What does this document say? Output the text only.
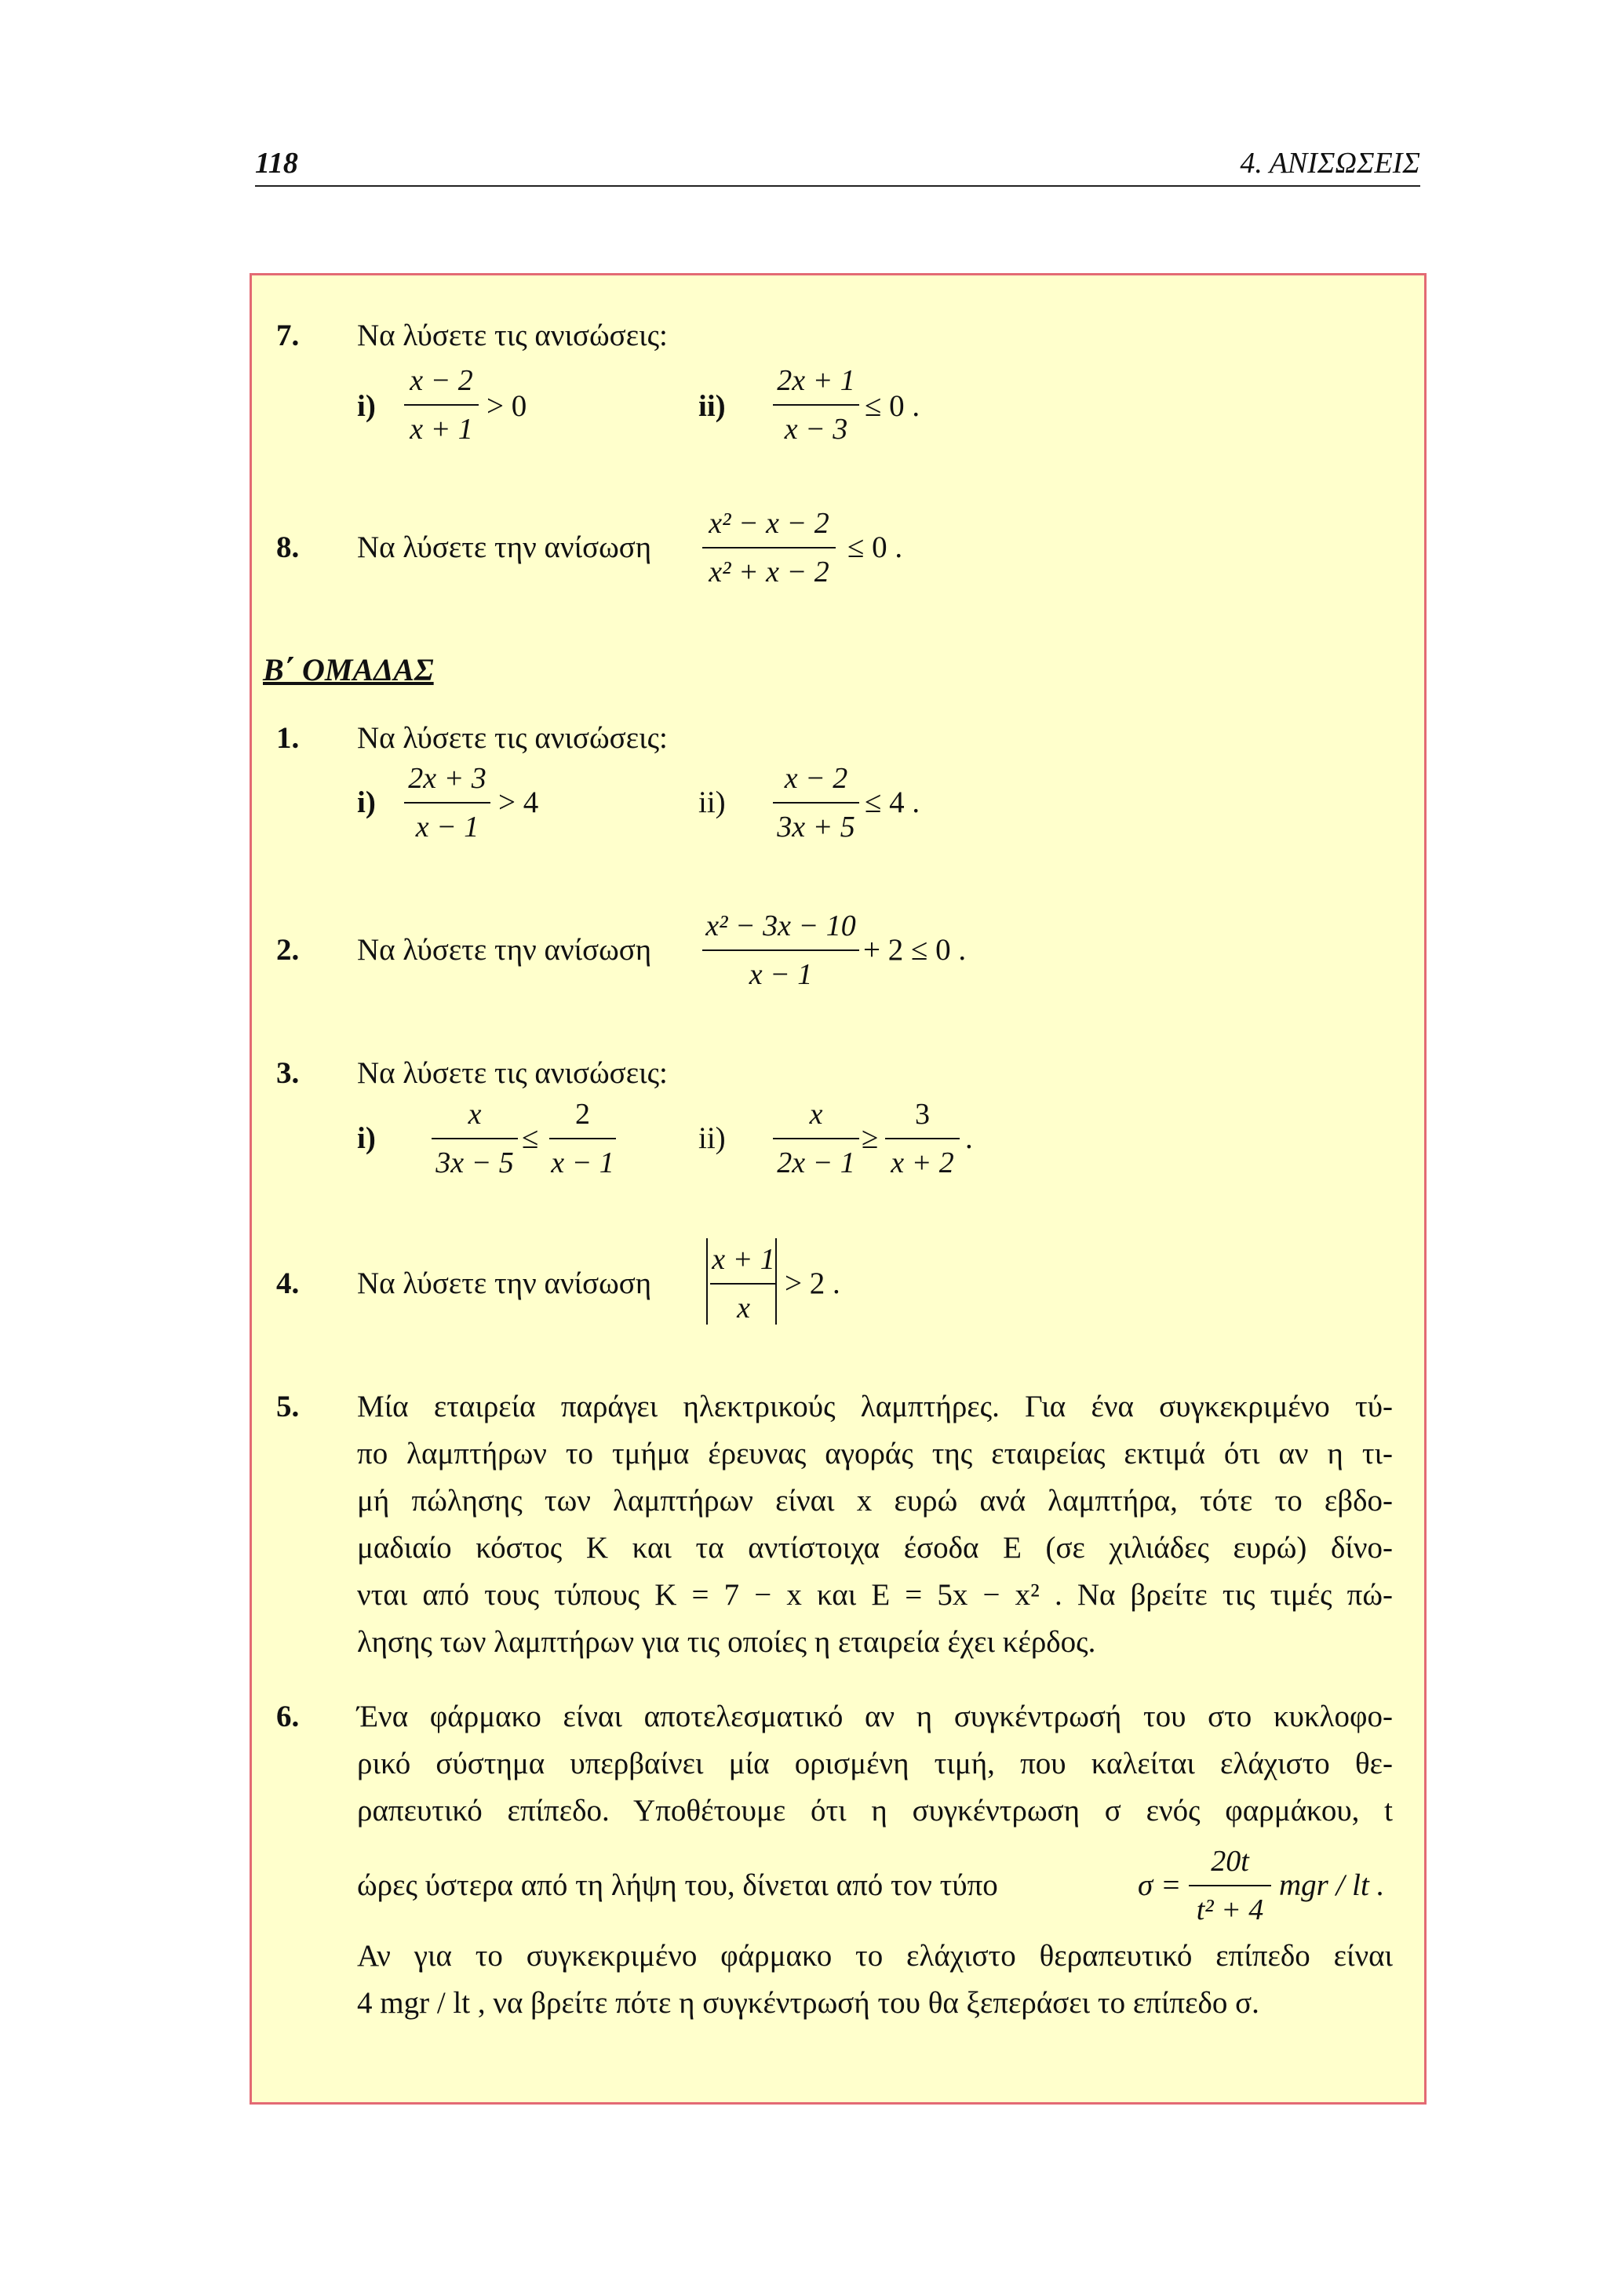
118	4. ΑΝΙΣΩΣΕΙΣ
7. Να λύσετε τις ανισώσεις:
i)
x − 2
x + 1
> 0	ii)
2x + 1
x − 3
≤ 0 .
8. Να λύσετε την ανίσωση
x² − x − 2
x² + x − 2
≤ 0 .
Β΄ ΟΜΑΔΑΣ
1. Να λύσετε τις ανισώσεις:
i)
2x + 3
x − 1
> 4	ii)
x − 2
3x + 5
≤ 4 .
2. Να λύσετε την ανίσωση
x² − 3x − 10
x − 1
+ 2 ≤ 0 .
3. Να λύσετε τις ανισώσεις:
i)
x
3x − 5
≤
2
x − 1
ii)
x
2x − 1
≥
3
x + 2
.
4. Να λύσετε την ανίσωση
x + 1
x
> 2 .
5. Μία εταιρεία παράγει ηλεκτρικούς λαμπτήρες. Για ένα συγκεκριμένο τύ-
πο λαμπτήρων το τμήμα έρευνας αγοράς της εταιρείας εκτιμά ότι αν η τι-
μή πώλησης των λαμπτήρων είναι x ευρώ ανά λαμπτήρα, τότε το εβδο-
μαδιαίο κόστος K και τα αντίστοιχα έσοδα E (σε χιλιάδες ευρώ) δίνο-
νται από τους τύπους K = 7 − x και E = 5x − x² . Να βρείτε τις τιμές πώ-
λησης των λαμπτήρων για τις οποίες η εταιρεία έχει κέρδος.
6. Ένα φάρμακο είναι αποτελεσματικό αν η συγκέντρωσή του στο κυκλοφο-
ρικό σύστημα υπερβαίνει μία ορισμένη τιμή, που καλείται ελάχιστο θε-
ραπευτικό επίπεδο. Υποθέτουμε ότι η συγκέντρωση σ ενός φαρμάκου, t
ώρες ύστερα από τη λήψη του, δίνεται από τον τύπο	σ =
20t
t² + 4
mgr / lt .
Αν για το συγκεκριμένο φάρμακο το ελάχιστο θεραπευτικό επίπεδο είναι
4 mgr / lt , να βρείτε πότε η συγκέντρωσή του θα ξεπεράσει το επίπεδο σ.
